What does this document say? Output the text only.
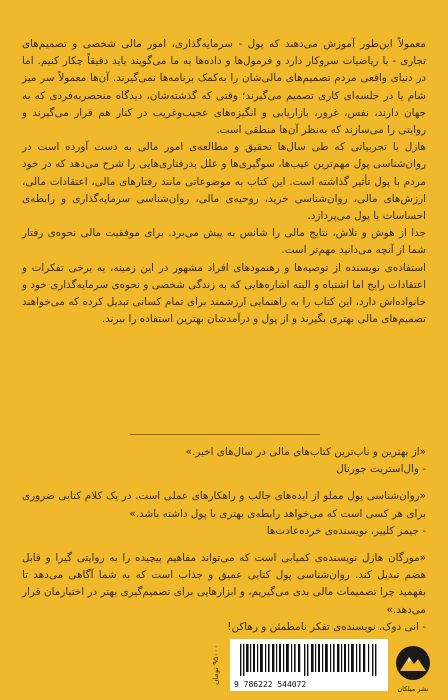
معمولاً این‌طور آموزش می‌دهند که پول - سرمایه‌گذاری، امور مالی شخصی و تصمیم‌های تجاری - با ریاضیات سروکار دارد و فرمول‌ها و داده‌ها به ما می‌گویند باید دقیقاً چکار کنیم. اما در دنیای واقعی مردم تصمیم‌های مالی‌شان را به‌کمک برنامه‌ها نمی‌گیرند. آن‌ها معمولاً سر میز شام یا در جلسه‌ای کاری تصمیم می‌گیرند؛ وقتی که گذشته‌شان، دیدگاه منحصربه‌فردی که به جهان دارند، نفس، غرور، بازاریابی و انگیزه‌های عجیب‌وغریب در کنار هم قرار می‌گیرند و روایتی را می‌سازند که به‌نظر آن‌ها منطقی است.

هازل با تجربیاتی که طی سال‌ها تحقیق و مطالعه‌ی امور مالی به دست آورده است در روان‌شناسی پول مهم‌ترین عیب‌ها، سوگیری‌ها و علل بدرفتاری‌هایی را شرح می‌دهد که در خود مردم با پول تأثیر گذاشته است. این کتاب به موضوعاتی مانند رفتارهای مالی، اعتقادات مالی، ارزش‌های مالی، روان‌شناسی خرید، روحیه‌ی مالی، روان‌شناسی سرمایه‌گذاری و رابطه‌ی احساسات با پول می‌پردازد.

جدا از هوش و تلاش، نتایج مالی را شانس به پیش می‌برد. برای موفقیت مالی نحوه‌ی رفتار شما از آنچه می‌دانید مهم‌تر است.

استفاده‌ی نویسنده از توصیه‌ها و رهنمودهای افراد مشهور در این زمینه، به برخی تفکرات و اعتقادات رایج اما اشتباه و البته اشاره‌هایی که به زندگی شخصی و نحوه‌ی سرمایه‌گذاری خود و خانواده‌اش دارد، این کتاب را به راهنمایی ارزشمند برای تمام کسانی تبدیل کرده که می‌خواهند تصمیم‌های مالی بهتری بگیرند و از پول و درآمدشان بهترین استفاده را ببرند.

«از بهترین و ناب‌ترین کتاب‌های مالی در سال‌های اخیر.»

- وال‌استریت جورنال

«روان‌شناسی پول مملو از ایده‌های جالب و راهکارهای عملی است. در یک کلام کتابی ضروری برای هر کسی است که می‌خواهد رابطه‌ی بهتری با پول داشته باشد.»

- جیمز کلییر، نویسنده‌ی خرده‌عادت‌ها

«مورگان هازل نویسنده‌ی کمیابی است که می‌تواند مفاهیم پیچیده را به روایتی گیرا و قابل هضم تبدیل کند. روان‌شناسی پول کتابی عمیق و جذاب است که به شما آگاهی می‌دهد تا بفهمید چرا تصمیمات مالی بدی می‌گیریم، و ابزارهایی برای تصمیم‌گیری بهتر در اختیارمان قرار می‌دهد.»

- انی دوک، نویسنده‌ی تفکر نامطمئن و رهاکن!

۹۵۰۰۰ تومان
9 786222 544072	نشر میلکان
